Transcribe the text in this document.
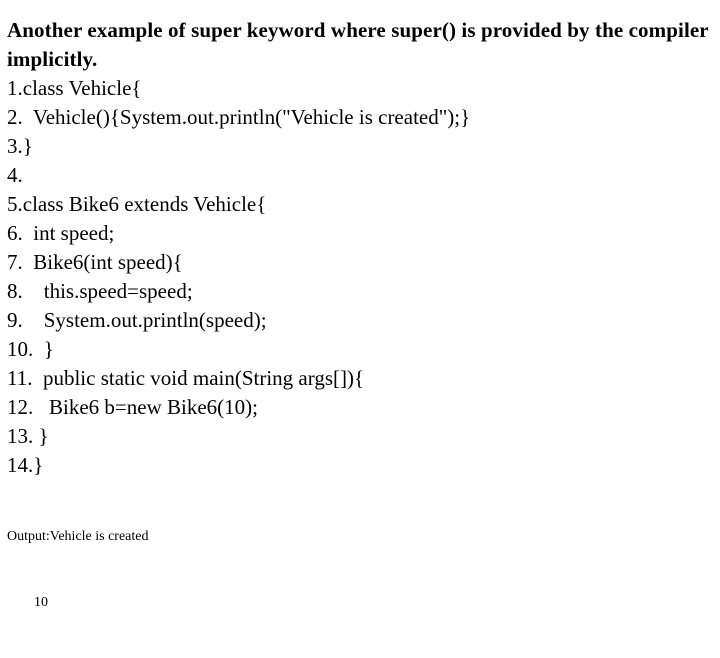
Another example of super keyword where super() is provided by the compiler implicitly.

1.class Vehicle{

2.  Vehicle(){System.out.println("Vehicle is created");}

3.}

4.

5.class Bike6 extends Vehicle{

6.  int speed;

7.  Bike6(int speed){

8.    this.speed=speed;

9.    System.out.println(speed);

10.  }

11.  public static void main(String args[]){

12.   Bike6 b=new Bike6(10);

13. }

14.}

Output:Vehicle is created

10
